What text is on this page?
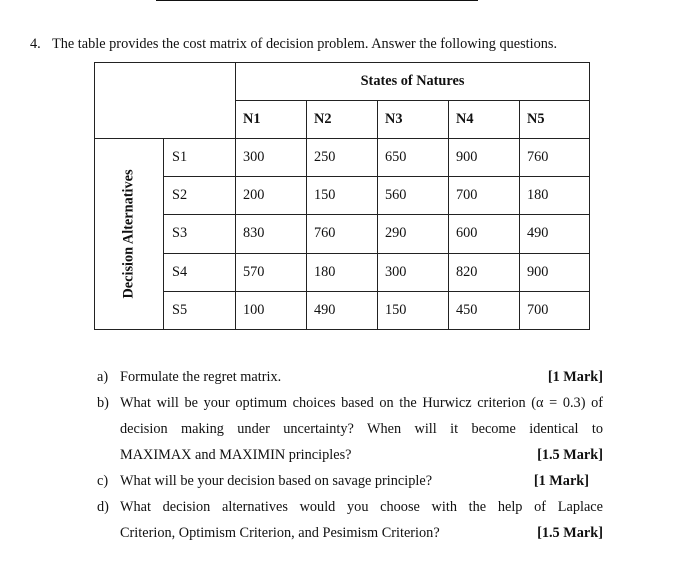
4. The table provides the cost matrix of decision problem. Answer the following questions.
		States of Natures				
		N1	N2	N3	N4	N5

Decision Alternatives	S1	300	250	650	900	760
	S2	200	150	560	700	180
	S3	830	760	290	600	490
	S4	570	180	300	820	900
	S5	100	490	150	450	700
a) Formulate the regret matrix.	[1 Mark]
b) What will be your optimum choices based on the Hurwicz criterion (α = 0.3) of
decision making under uncertainty? When will it become identical to
MAXIMAX and MAXIMIN principles?	[1.5 Mark]
c) What will be your decision based on savage principle?	[1 Mark]
d) What decision alternatives would you choose with the help of Laplace
Criterion, Optimism Criterion, and Pesimism Criterion?	[1.5 Mark]
